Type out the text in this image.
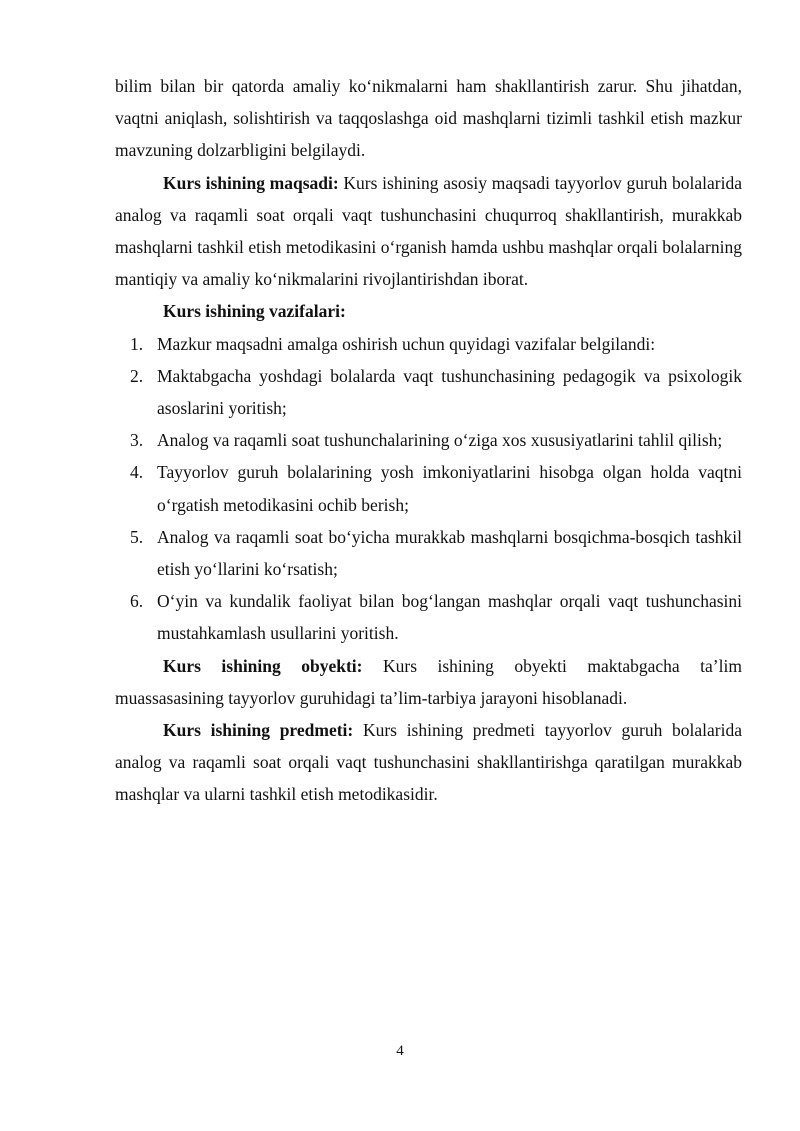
bilim bilan bir qatorda amaliy koʻnikmalarni ham shakllantirish zarur. Shu jihatdan, vaqtni aniqlash, solishtirish va taqqoslashga oid mashqlarni tizimli tashkil etish mazkur mavzuning dolzarbligini belgilaydi.

Kurs ishining maqsadi: Kurs ishining asosiy maqsadi tayyorlov guruh bolalarida analog va raqamli soat orqali vaqt tushunchasini chuqurroq shakllantirish, murakkab mashqlarni tashkil etish metodikasini oʻrganish hamda ushbu mashqlar orqali bolalarning mantiqiy va amaliy koʻnikmalarini rivojlantirishdan iborat.

Kurs ishining vazifalari:

1. Mazkur maqsadni amalga oshirish uchun quyidagi vazifalar belgilandi:
2. Maktabgacha yoshdagi bolalarda vaqt tushunchasining pedagogik va psixologik asoslarini yoritish;
3. Analog va raqamli soat tushunchalarining oʻziga xos xususiyatlarini tahlil qilish;
4. Tayyorlov guruh bolalarining yosh imkoniyatlarini hisobga olgan holda vaqtni oʻrgatish metodikasini ochib berish;
5. Analog va raqamli soat boʻyicha murakkab mashqlarni bosqichma-bosqich tashkil etish yoʻllarini koʻrsatish;
6. Oʻyin va kundalik faoliyat bilan bogʻlangan mashqlar orqali vaqt tushunchasini mustahkamlash usullarini yoritish.

Kurs ishining obyekti: Kurs ishining obyekti maktabgacha taʼlim muassasasining tayyorlov guruhidagi taʼlim-tarbiya jarayoni hisoblanadi.

Kurs ishining predmeti: Kurs ishining predmeti tayyorlov guruh bolalarida analog va raqamli soat orqali vaqt tushunchasini shakllantirishga qaratilgan murakkab mashqlar va ularni tashkil etish metodikasidir.

4
